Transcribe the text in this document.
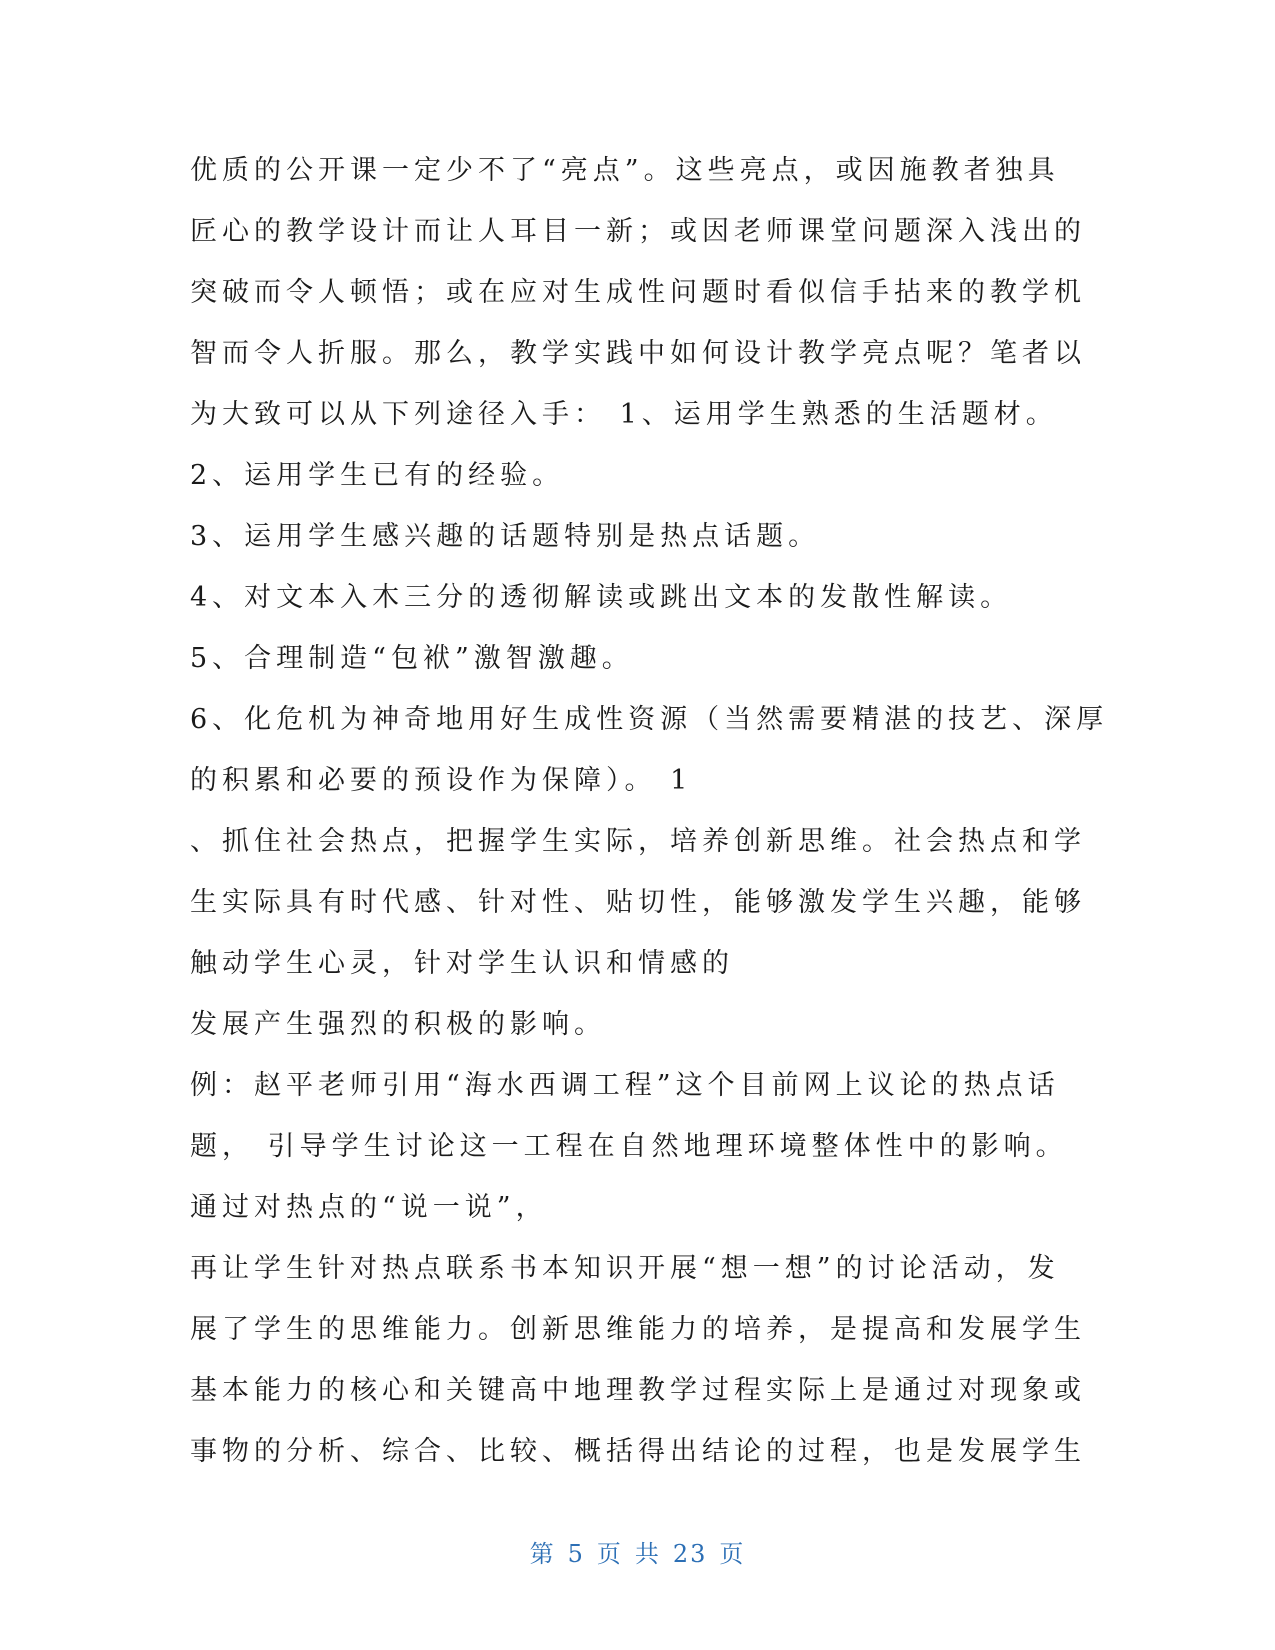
优质的公开课一定少不了“亮点”。这些亮点，或因施教者独具
匠心的教学设计而让人耳目一新；或因老师课堂问题深入浅出的
突破而令人顿悟；或在应对生成性问题时看似信手拈来的教学机
智而令人折服。那么，教学实践中如何设计教学亮点呢？笔者以
为大致可以从下列途径入手： 1、运用学生熟悉的生活题材。
2、运用学生已有的经验。
3、运用学生感兴趣的话题特别是热点话题。
4、对文本入木三分的透彻解读或跳出文本的发散性解读。
5、合理制造“包袱”激智激趣。
6、化危机为神奇地用好生成性资源（当然需要精湛的技艺、深厚
的积累和必要的预设作为保障）。 1
、抓住社会热点，把握学生实际，培养创新思维。社会热点和学
生实际具有时代感、针对性、贴切性，能够激发学生兴趣，能够
触动学生心灵，针对学生认识和情感的
发展产生强烈的积极的影响。
例：赵平老师引用“海水西调工程”这个目前网上议论的热点话
题， 引导学生讨论这一工程在自然地理环境整体性中的影响。
通过对热点的“说一说”，
再让学生针对热点联系书本知识开展“想一想”的讨论活动，发
展了学生的思维能力。创新思维能力的培养，是提高和发展学生
基本能力的核心和关键高中地理教学过程实际上是通过对现象或
事物的分析、综合、比较、概括得出结论的过程，也是发展学生
第 5 页 共 23 页
